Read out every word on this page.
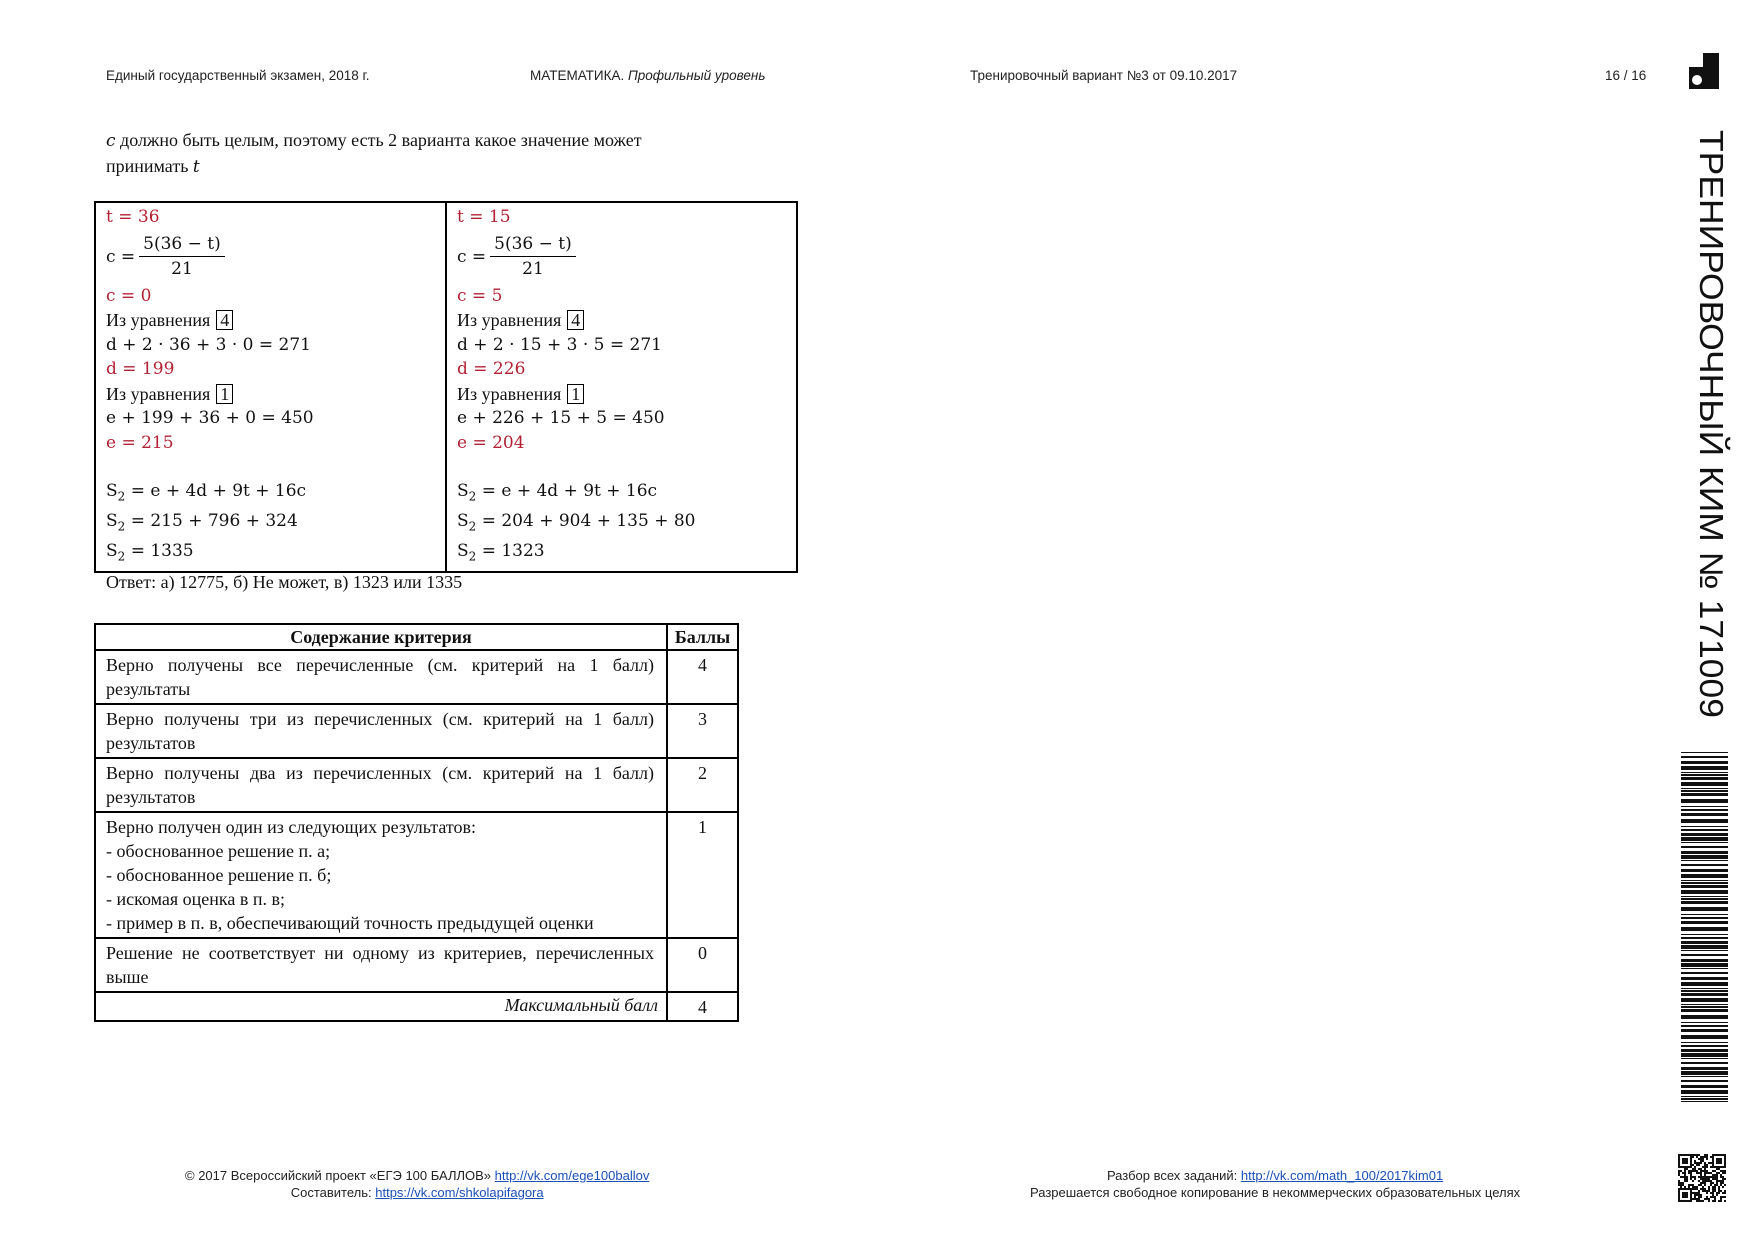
Единый государственный экзамен, 2018 г.	МАТЕМАТИКА. Профильный уровень	Тренировочный вариант №3 от 09.10.2017	16 / 16
c должно быть целым, поэтому есть 2 варианта какое значение может
принимать t
t = 36
$c = \frac{5(36 - t)}{21}$
c = 0
Из уравнения 4
d + 2 · 36 + 3 · 0 = 271
d = 199
Из уравнения 1
e + 199 + 36 + 0 = 450
e = 215
$S_2 = e + 4d + 9t + 16c$
$S_2 = 215 + 796 + 324$
$S_2 = 1335$

t = 15
$c = \frac{5(36 - t)}{21}$
c = 5
Из уравнения 4
d + 2 · 15 + 3 · 5 = 271
d = 226
Из уравнения 1
e + 226 + 15 + 5 = 450
e = 204
$S_2 = e + 4d + 9t + 16c$
$S_2 = 204 + 904 + 135 + 80$
$S_2 = 1323$
Ответ: а) 12775, б) Не может, в) 1323 или 1335
Содержание критерия	Баллы
Верно получены все перечисленные (см. критерий на 1 балл) результаты	4
Верно получены три из перечисленных (см. критерий на 1 балл) результатов	3
Верно получены два из перечисленных (см. критерий на 1 балл) результатов	2

Верно получен один из следующих результатов:
- обоснованное решение п. а;
- обоснованное решение п. б;
- искомая оценка в п. в;
- пример в п. в, обеспечивающий точность предыдущей оценки	1
Решение не соответствует ни одному из критериев, перечисленных выше	0
Максимальный балл	4
© 2017 Всероссийский проект «ЕГЭ 100 БАЛЛОВ» http://vk.com/ege100ballov
Составитель: https://vk.com/shkolapifagora
Разбор всех заданий: http://vk.com/math_100/2017kim01
Разрешается свободное копирование в некоммерческих образовательных целях
ТРЕНИРОВОЧНЫЙ КИМ № 171009
